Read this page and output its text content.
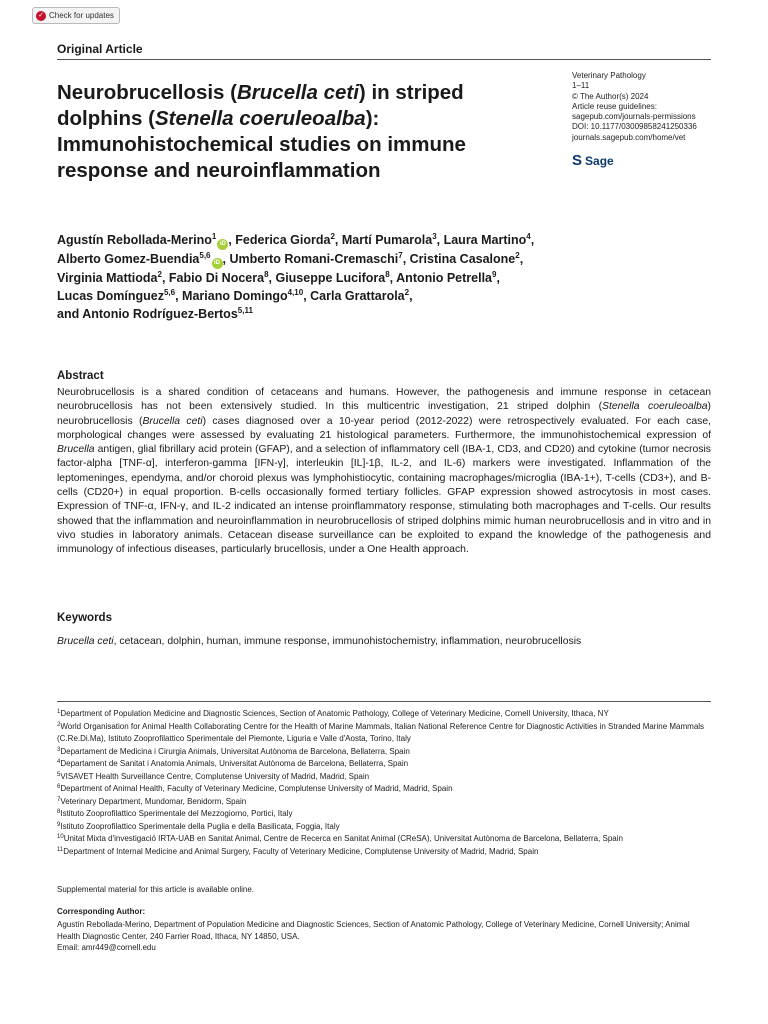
✓ Check for updates
Original Article
Neurobrucellosis (Brucella ceti) in striped dolphins (Stenella coeruleoalba): Immunohistochemical studies on immune response and neuroinflammation
Veterinary Pathology
1–11
© The Author(s) 2024
Article reuse guidelines:
sagepub.com/journals-permissions
DOI: 10.1177/03009858241250336
journals.sagepub.com/home/vet
S Sage
Agustín Rebollada-Merino$^1$iD , Federica Giorda$^2$, Martí Pumarola$^3$, Laura Martino$^4$,
Alberto Gomez-Buendia$^{5,6}$iD , Umberto Romani-Cremaschi$^7$, Cristina Casalone$^2$,
Virginia Mattioda$^2$, Fabio Di Nocera$^8$, Giuseppe Lucifora$^8$, Antonio Petrella$^9$,
Lucas Domínguez$^{5,6}$, Mariano Domingo$^{4,10}$, Carla Grattarola$^2$,
and Antonio Rodríguez-Bertos$^{5,11}$
Abstract

Neurobrucellosis is a shared condition of cetaceans and humans. However, the pathogenesis and immune response in cetacean neurobrucellosis has not been extensively studied. In this multicentric investigation, 21 striped dolphin (Stenella coeruleoalba) neurobrucellosis (Brucella ceti) cases diagnosed over a 10-year period (2012-2022) were retrospectively evaluated. For each case, morphological changes were assessed by evaluating 21 histological parameters. Furthermore, the immunohistochemical expression of Brucella antigen, glial fibrillary acid protein (GFAP), and a selection of inflammatory cell (IBA-1, CD3, and CD20) and cytokine (tumor necrosis factor-alpha [TNF-α], interferon-gamma [IFN-γ], interleukin [IL]-1β, IL-2, and IL-6) markers were investigated. Inflammation of the leptomeninges, ependyma, and/or choroid plexus was lymphohistiocytic, containing macrophages/microglia (IBA-1+), T-cells (CD3+), and B-cells (CD20+) in equal proportion. B-cells occasionally formed tertiary follicles. GFAP expression showed astrocytosis in most cases. Expression of TNF-α, IFN-γ, and IL-2 indicated an intense proinflammatory response, stimulating both macrophages and T-cells. Our results showed that the inflammation and neuroinflammation in neurobrucellosis of striped dolphins mimic human neurobrucellosis and in vitro and in vivo studies in laboratory animals. Cetacean disease surveillance can be exploited to expand the knowledge of the pathogenesis and immunology of infectious diseases, particularly brucellosis, under a One Health approach.

Keywords
Brucella ceti, cetacean, dolphin, human, immune response, immunohistochemistry, inflammation, neurobrucellosis
$^1$Department of Population Medicine and Diagnostic Sciences, Section of Anatomic Pathology, College of Veterinary Medicine, Cornell University, Ithaca, NY
$^2$World Organisation for Animal Health Collaborating Centre for the Health of Marine Mammals, Italian National Reference Centre for Diagnostic Activities in Stranded Marine Mammals (C.Re.Di.Ma), Istituto Zooprofilattico Sperimentale del Piemonte, Liguria e Valle d'Aosta, Torino, Italy
$^3$Departament de Medicina i Cirurgia Animals, Universitat Autònoma de Barcelona, Bellaterra, Spain
$^4$Departament de Sanitat i Anatomia Animals, Universitat Autònoma de Barcelona, Bellaterra, Spain
$^5$VISAVET Health Surveillance Centre, Complutense University of Madrid, Madrid, Spain
$^6$Department of Animal Health, Faculty of Veterinary Medicine, Complutense University of Madrid, Madrid, Spain
$^7$Veterinary Department, Mundomar, Benidorm, Spain
$^8$Istituto Zooprofilattico Sperimentale del Mezzogiorno, Portici, Italy
$^9$Istituto Zooprofilattico Sperimentale della Puglia e della Basilicata, Foggia, Italy
$^{10}$Unitat Mixta d'investigació IRTA-UAB en Sanitat Animal, Centre de Recerca en Sanitat Animal (CReSA), Universitat Autònoma de Barcelona, Bellaterra, Spain
$^{11}$Department of Internal Medicine and Animal Surgery, Faculty of Veterinary Medicine, Complutense University of Madrid, Madrid, Spain
Supplemental material for this article is available online.
Corresponding Author:
Agustín Rebollada-Merino, Department of Population Medicine and Diagnostic Sciences, Section of Anatomic Pathology, College of Veterinary Medicine, Cornell University; Animal Health Diagnostic Center, 240 Farrier Road, Ithaca, NY 14850, USA.
Email: amr449@cornell.edu
